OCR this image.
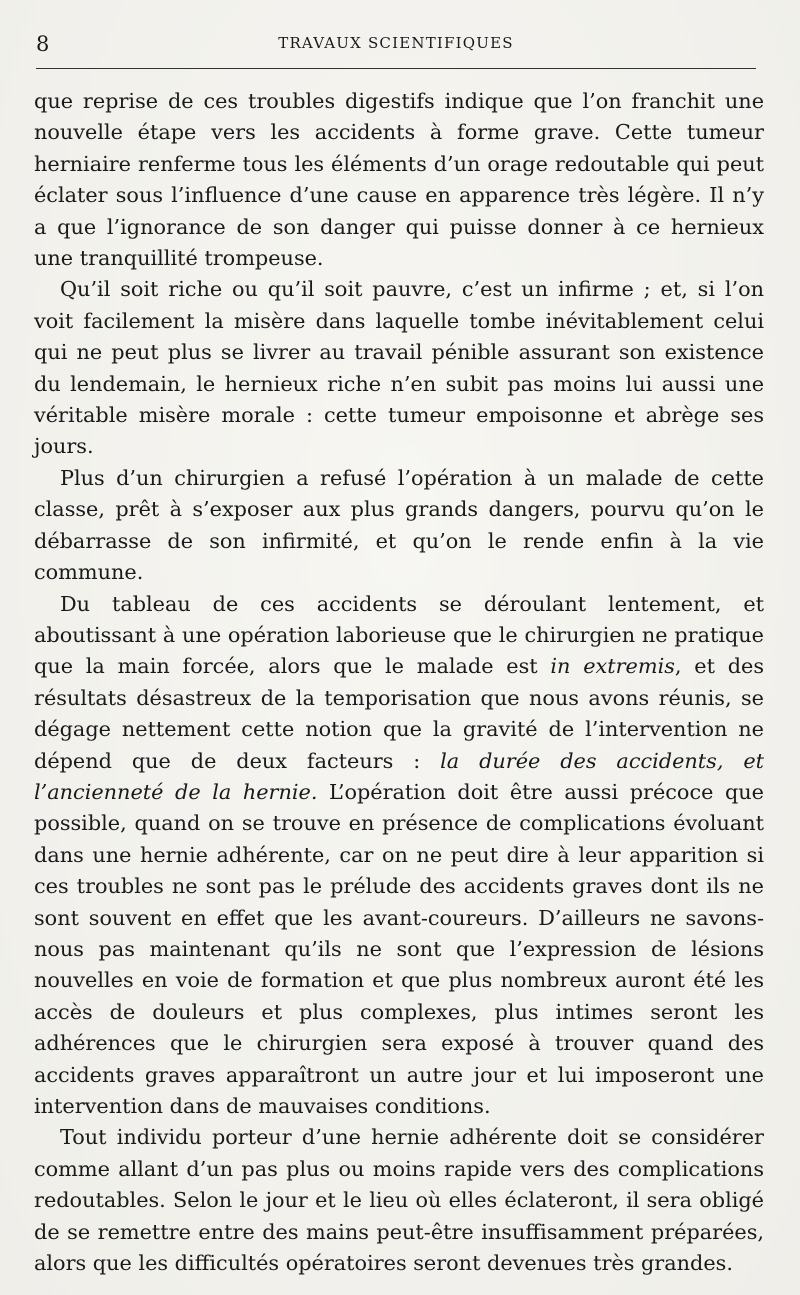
8	TRAVAUX SCIENTIFIQUES

que reprise de ces troubles digestifs indique que l’on franchit une nouvelle étape vers les accidents à forme grave. Cette tumeur herniaire renferme tous les éléments d’un orage redoutable qui peut éclater sous l’influence d’une cause en apparence très légère. Il n’y a que l’ignorance de son danger qui puisse donner à ce hernieux une tranquillité trompeuse.

Qu’il soit riche ou qu’il soit pauvre, c’est un infirme ; et, si l’on voit facilement la misère dans laquelle tombe inévitablement celui qui ne peut plus se livrer au travail pénible assurant son existence du lendemain, le hernieux riche n’en subit pas moins lui aussi une véritable misère morale : cette tumeur empoisonne et abrège ses jours.

Plus d’un chirurgien a refusé l’opération à un malade de cette classe, prêt à s’exposer aux plus grands dangers, pourvu qu’on le débarrasse de son infirmité, et qu’on le rende enfin à la vie commune.

Du tableau de ces accidents se déroulant lentement, et aboutissant à une opération laborieuse que le chirurgien ne pratique que la main forcée, alors que le malade est in extremis, et des résultats désastreux de la temporisation que nous avons réunis, se dégage nettement cette notion que la gravité de l’intervention ne dépend que de deux facteurs : la durée des accidents, et l’ancienneté de la hernie. L’opération doit être aussi précoce que possible, quand on se trouve en présence de complications évoluant dans une hernie adhérente, car on ne peut dire à leur apparition si ces troubles ne sont pas le prélude des accidents graves dont ils ne sont souvent en effet que les avant-coureurs. D’ailleurs ne savons-nous pas maintenant qu’ils ne sont que l’expression de lésions nouvelles en voie de formation et que plus nombreux auront été les accès de douleurs et plus complexes, plus intimes seront les adhérences que le chirurgien sera exposé à trouver quand des accidents graves apparaîtront un autre jour et lui imposeront une intervention dans de mauvaises conditions.

Tout individu porteur d’une hernie adhérente doit se considérer comme allant d’un pas plus ou moins rapide vers des complications redoutables. Selon le jour et le lieu où elles éclateront, il sera obligé de se remettre entre des mains peut-être insuffisamment préparées, alors que les difficultés opératoires seront devenues très grandes.
